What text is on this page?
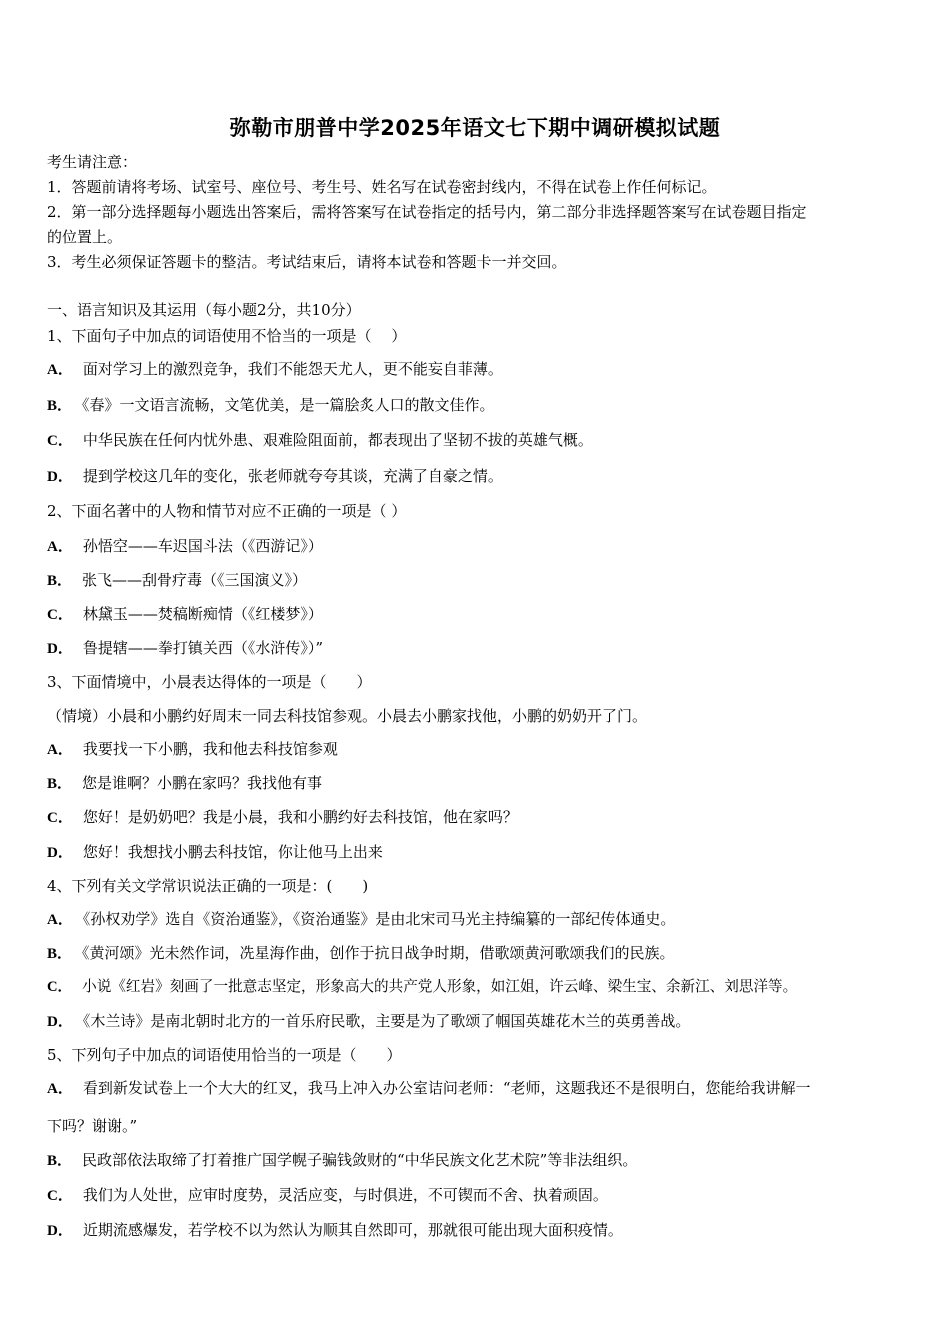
弥勒市朋普中学2025年语文七下期中调研模拟试题
考生请注意：
1．答题前请将考场、试室号、座位号、考生号、姓名写在试卷密封线内，不得在试卷上作任何标记。
2．第一部分选择题每小题选出答案后，需将答案写在试卷指定的括号内，第二部分非选择题答案写在试卷题目指定
的位置上。
3．考生必须保证答题卡的整洁。考试结束后，请将本试卷和答题卡一并交回。
一、语言知识及其运用（每小题2分，共10分）
1、下面句子中加点的词语使用不恰当的一项是（　 ）
A． 面对学习上的激烈竞争，我们不能怨天尤人，更不能妄自菲薄。
B． 《春》一文语言流畅，文笔优美，是一篇脍炙人口的散文佳作。
C． 中华民族在任何内忧外患、艰难险阻面前，都表现出了坚韧不拔的英雄气概。
D． 提到学校这几年的变化，张老师就夸夸其谈，充满了自豪之情。
2、下面名著中的人物和情节对应不正确的一项是（ ）
A． 孙悟空——车迟国斗法（《西游记》）
B． 张飞——刮骨疗毒（《三国演义》）
C． 林黛玉——焚稿断痴情（《红楼梦》）
D． 鲁提辖——拳打镇关西（《水浒传》）”
3、下面情境中，小晨表达得体的一项是（　　）
（情境）小晨和小鹏约好周末一同去科技馆参观。小晨去小鹏家找他，小鹏的奶奶开了门。
A． 我要找一下小鹏，我和他去科技馆参观
B． 您是谁啊？小鹏在家吗？我找他有事
C． 您好！是奶奶吧？我是小晨，我和小鹏约好去科技馆，他在家吗？
D． 您好！我想找小鹏去科技馆，你让他马上出来
4、下列有关文学常识说法正确的一项是：(　　)
A． 《孙权劝学》选自《资治通鉴》，《资治通鉴》是由北宋司马光主持编纂的一部纪传体通史。
B． 《黄河颂》光未然作词，冼星海作曲，创作于抗日战争时期，借歌颂黄河歌颂我们的民族。
C． 小说《红岩》刻画了一批意志坚定，形象高大的共产党人形象，如江姐，许云峰、梁生宝、余新江、刘思洋等。
D． 《木兰诗》是南北朝时北方的一首乐府民歌，主要是为了歌颂了帼国英雄花木兰的英勇善战。
5、下列句子中加点的词语使用恰当的一项是（　　）
A． 看到新发试卷上一个大大的红叉，我马上冲入办公室诘问老师：“老师，这题我还不是很明白，您能给我讲解一
下吗？谢谢。”
B． 民政部依法取缔了打着推广国学幌子骗钱敛财的“中华民族文化艺术院”等非法组织。
C． 我们为人处世，应审时度势，灵活应变，与时俱进，不可锲而不舍、执着顽固。
D． 近期流感爆发，若学校不以为然认为顺其自然即可，那就很可能出现大面积疫情。
